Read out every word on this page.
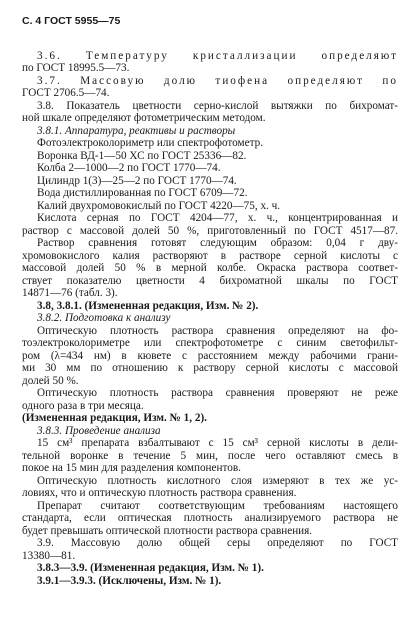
С. 4 ГОСТ 5955—75
3.6. Температуру кристаллизации определяют
по ГОСТ 18995.5—73.
3.7. Массовую долю тиофена определяют по
ГОСТ 2706.5—74.
3.8. Показатель цветности серно-кислой вытяжки по бихромат-
ной шкале определяют фотометрическим методом.
3.8.1. Аппаратура, реактивы и растворы
Фотоэлектроколориметр или спектрофотометр.
Воронка ВД-1—50 ХС по ГОСТ 25336—82.
Колба 2—1000—2 по ГОСТ 1770—74.
Цилиндр 1(3)—25—2 по ГОСТ 1770—74.
Вода дистиллированная по ГОСТ 6709—72.
Калий двухромовокислый по ГОСТ 4220—75, х. ч.
Кислота серная по ГОСТ 4204—77, х. ч., концентрированная и
раствор с массовой долей 50 %, приготовленный по ГОСТ 4517—87.
Раствор сравнения готовят следующим образом: 0,04 г дву-
хромовокислого калия растворяют в растворе серной кислоты с
массовой долей 50 % в мерной колбе. Окраска раствора соответ-
ствует показателю цветности 4 бихроматной шкалы по ГОСТ
14871—76 (табл. 3).
3.8, 3.8.1. (Измененная редакция, Изм. № 2).
3.8.2. Подготовка к анализу
Оптическую плотность раствора сравнения определяют на фо-
тоэлектроколориметре или спектрофотометре с синим светофильт-
ром (λ=434 нм) в кювете с расстоянием между рабочими грани-
ми 30 мм по отношению к раствору серной кислоты с массовой
долей 50 %.
Оптическую плотность раствора сравнения проверяют не реже
одного раза в три месяца.
(Измененная редакция, Изм. № 1, 2).
3.8.3. Проведение анализа
15 см³ препарата взбалтывают с 15 см³ серной кислоты в дели-
тельной воронке в течение 5 мин, после чего оставляют смесь в
покое на 15 мин для разделения компонентов.
Оптическую плотность кислотного слоя измеряют в тех же ус-
ловиях, что и оптическую плотность раствора сравнения.
Препарат считают соответствующим требованиям настоящего
стандарта, если оптическая плотность анализируемого раствора не
будет превышать оптической плотности раствора сравнения.
3.9. Массовую долю общей серы определяют по ГОСТ
13380—81.
3.8.3—3.9. (Измененная редакция, Изм. № 1).
3.9.1—3.9.3. (Исключены, Изм. № 1).
